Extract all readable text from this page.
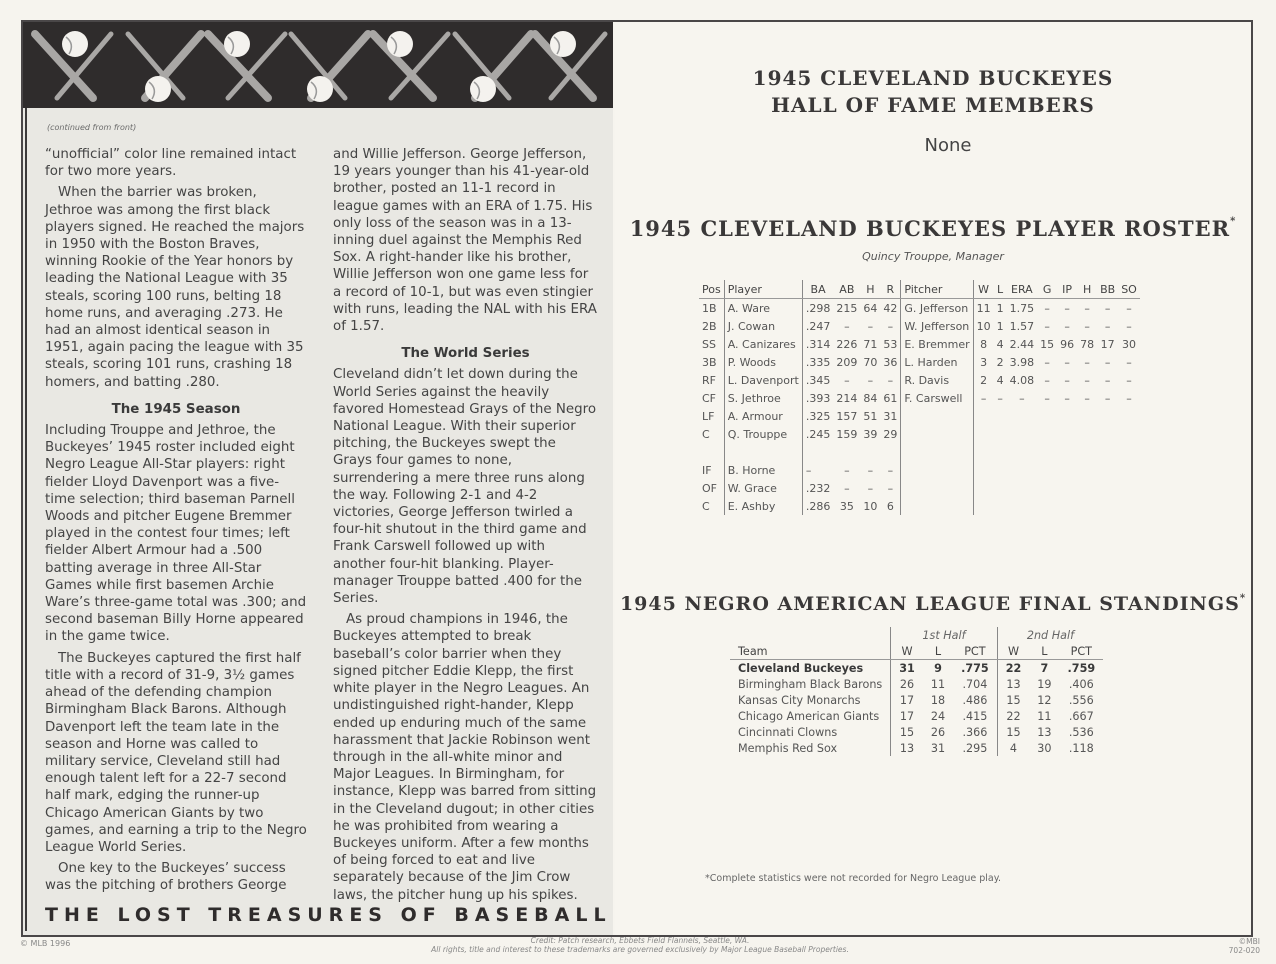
(continued from front)

“unofficial” color line remained intact for two more years.

When the barrier was broken, Jethroe was among the first black players signed. He reached the majors in 1950 with the Boston Braves, winning Rookie of the Year honors by leading the National League with 35 steals, scoring 100 runs, belting 18 home runs, and averaging .273. He had an almost identical season in 1951, again pacing the league with 35 steals, scoring 101 runs, crashing 18 homers, and batting .280.

The 1945 Season

Including Trouppe and Jethroe, the Buckeyes’ 1945 roster included eight Negro League All-Star players: right fielder Lloyd Davenport was a five-time selection; third baseman Parnell Woods and pitcher Eugene Bremmer played in the contest four times; left fielder Albert Armour had a .500 batting average in three All-Star Games while first basemen Archie Ware’s three-game total was .300; and second baseman Billy Horne appeared in the game twice.

The Buckeyes captured the first half title with a record of 31-9, 3½ games ahead of the defending champion Birmingham Black Barons. Although Davenport left the team late in the season and Horne was called to military service, Cleveland still had enough talent left for a 22-7 second half mark, edging the runner-up Chicago American Giants by two games, and earning a trip to the Negro League World Series.

One key to the Buckeyes’ success was the pitching of brothers George

and Willie Jefferson. George Jefferson, 19 years younger than his 41-year-old brother, posted an 11-1 record in league games with an ERA of 1.75. His only loss of the season was in a 13-inning duel against the Memphis Red Sox. A right-hander like his brother, Willie Jefferson won one game less for a record of 10-1, but was even stingier with runs, leading the NAL with his ERA of 1.57.

The World Series

Cleveland didn’t let down during the World Series against the heavily favored Homestead Grays of the Negro National League. With their superior pitching, the Buckeyes swept the Grays four games to none, surrendering a mere three runs along the way. Following 2-1 and 4-2 victories, George Jefferson twirled a four-hit shutout in the third game and Frank Carswell followed up with another four-hit blanking. Player-manager Trouppe batted .400 for the Series.

As proud champions in 1946, the Buckeyes attempted to break baseball’s color barrier when they signed pitcher Eddie Klepp, the first white player in the Negro Leagues. An undistinguished right-hander, Klepp ended up enduring much of the same harassment that Jackie Robinson went through in the all-white minor and Major Leagues. In Birmingham, for instance, Klepp was barred from sitting in the Cleveland dugout; in other cities he was prohibited from wearing a Buckeyes uniform. After a few months of being forced to eat and live separately because of the Jim Crow laws, the pitcher hung up his spikes.

THE LOST TREASURES OF BASEBALL
1945 CLEVELAND BUCKEYES
HALL OF FAME MEMBERS
None
1945 CLEVELAND BUCKEYES PLAYER ROSTER*
Quincy Trouppe, Manager
Pos	Player	BA	AB	H	R	Pitcher	W	L	ERA	G	IP	H	BB	SO
1B	A. Ware	.298	215	64	42	G. Jefferson	11	1	1.75	–	–	–	–	–
2B	J. Cowan	.247	–	–	–	W. Jefferson	10	1	1.57	–	–	–	–	–
SS	A. Canizares	.314	226	71	53	E. Bremmer	8	4	2.44	15	96	78	17	30
3B	P. Woods	.335	209	70	36	L. Harden	3	2	3.98	–	–	–	–	–
RF	L. Davenport	.345	–	–	–	R. Davis	2	4	4.08	–	–	–	–	–
CF	S. Jethroe	.393	214	84	61	F. Carswell	–	–	–	–	–	–	–	–
LF	A. Armour	.325	157	51	31									
C	Q. Trouppe	.245	159	39	29									

IF	B. Horne	–	–	–	–									
OF	W. Grace	.232	–	–	–									
C	E. Ashby	.286	35	10	6									
1945 NEGRO AMERICAN LEAGUE FINAL STANDINGS*
	1st Half			2nd Half		
Team	W	L	PCT	W	L	PCT
Cleveland Buckeyes	31	9	.775	22	7	.759
Birmingham Black Barons	26	11	.704	13	19	.406
Kansas City Monarchs	17	18	.486	15	12	.556
Chicago American Giants	17	24	.415	22	11	.667
Cincinnati Clowns	15	26	.366	15	13	.536
Memphis Red Sox	13	31	.295	4	30	.118
*Complete statistics were not recorded for Negro League play.
© MLB 1996	Credit: Patch research, Ebbets Field Flannels, Seattle, WA.
All rights, title and interest to these trademarks are governed exclusively by Major League Baseball Properties.
©MBI
702-020
